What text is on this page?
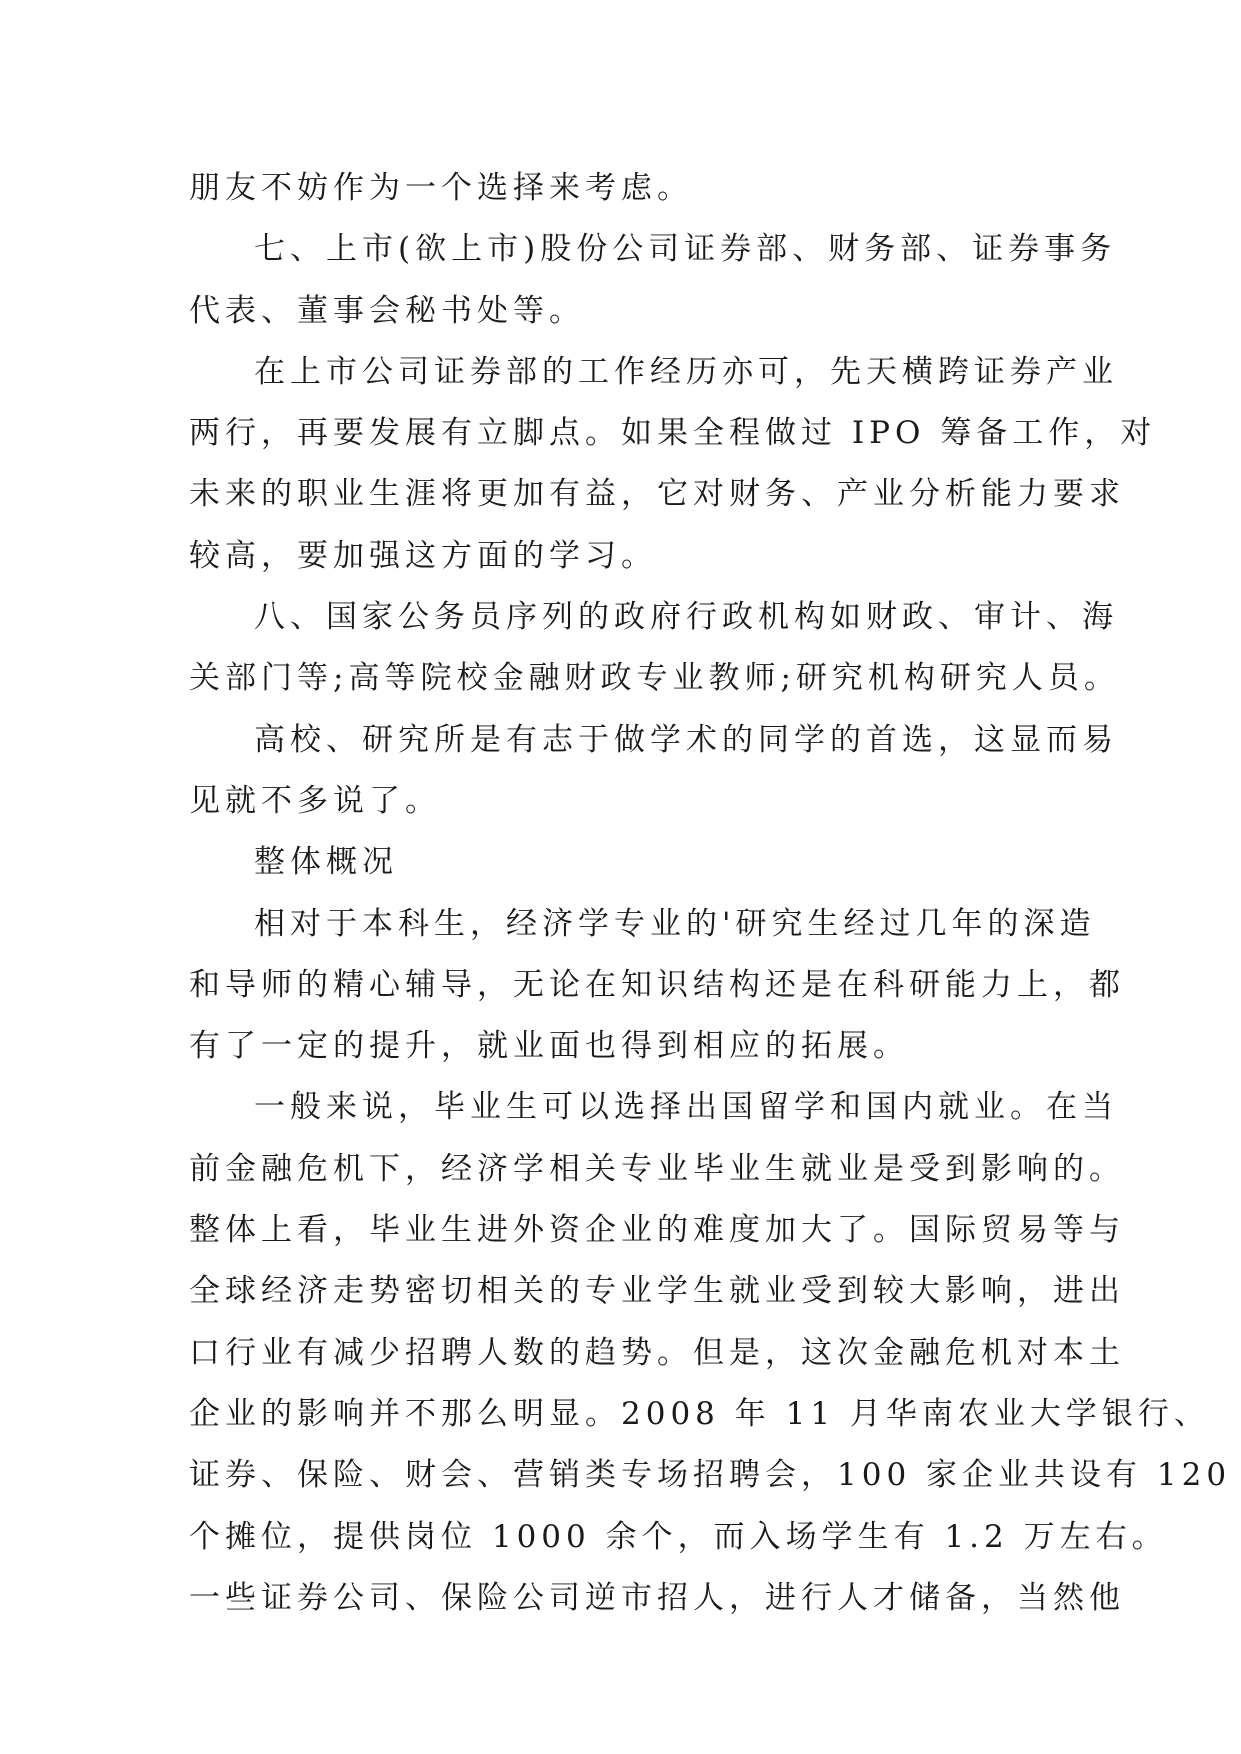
朋友不妨作为一个选择来考虑。
七、上市(欲上市)股份公司证券部、财务部、证券事务
代表、董事会秘书处等。
在上市公司证券部的工作经历亦可，先天横跨证券产业
两行，再要发展有立脚点。如果全程做过 IPO 筹备工作，对
未来的职业生涯将更加有益，它对财务、产业分析能力要求
较高，要加强这方面的学习。
八、国家公务员序列的政府行政机构如财政、审计、海
关部门等;高等院校金融财政专业教师;研究机构研究人员。
高校、研究所是有志于做学术的同学的首选，这显而易
见就不多说了。
整体概况
相对于本科生，经济学专业的'研究生经过几年的深造
和导师的精心辅导，无论在知识结构还是在科研能力上，都
有了一定的提升，就业面也得到相应的拓展。
一般来说，毕业生可以选择出国留学和国内就业。在当
前金融危机下，经济学相关专业毕业生就业是受到影响的。
整体上看，毕业生进外资企业的难度加大了。国际贸易等与
全球经济走势密切相关的专业学生就业受到较大影响，进出
口行业有减少招聘人数的趋势。但是，这次金融危机对本土
企业的影响并不那么明显。2008 年 11 月华南农业大学银行、
证券、保险、财会、营销类专场招聘会，100 家企业共设有 120
个摊位，提供岗位 1000 余个，而入场学生有 1.2 万左右。
一些证券公司、保险公司逆市招人，进行人才储备，当然他
